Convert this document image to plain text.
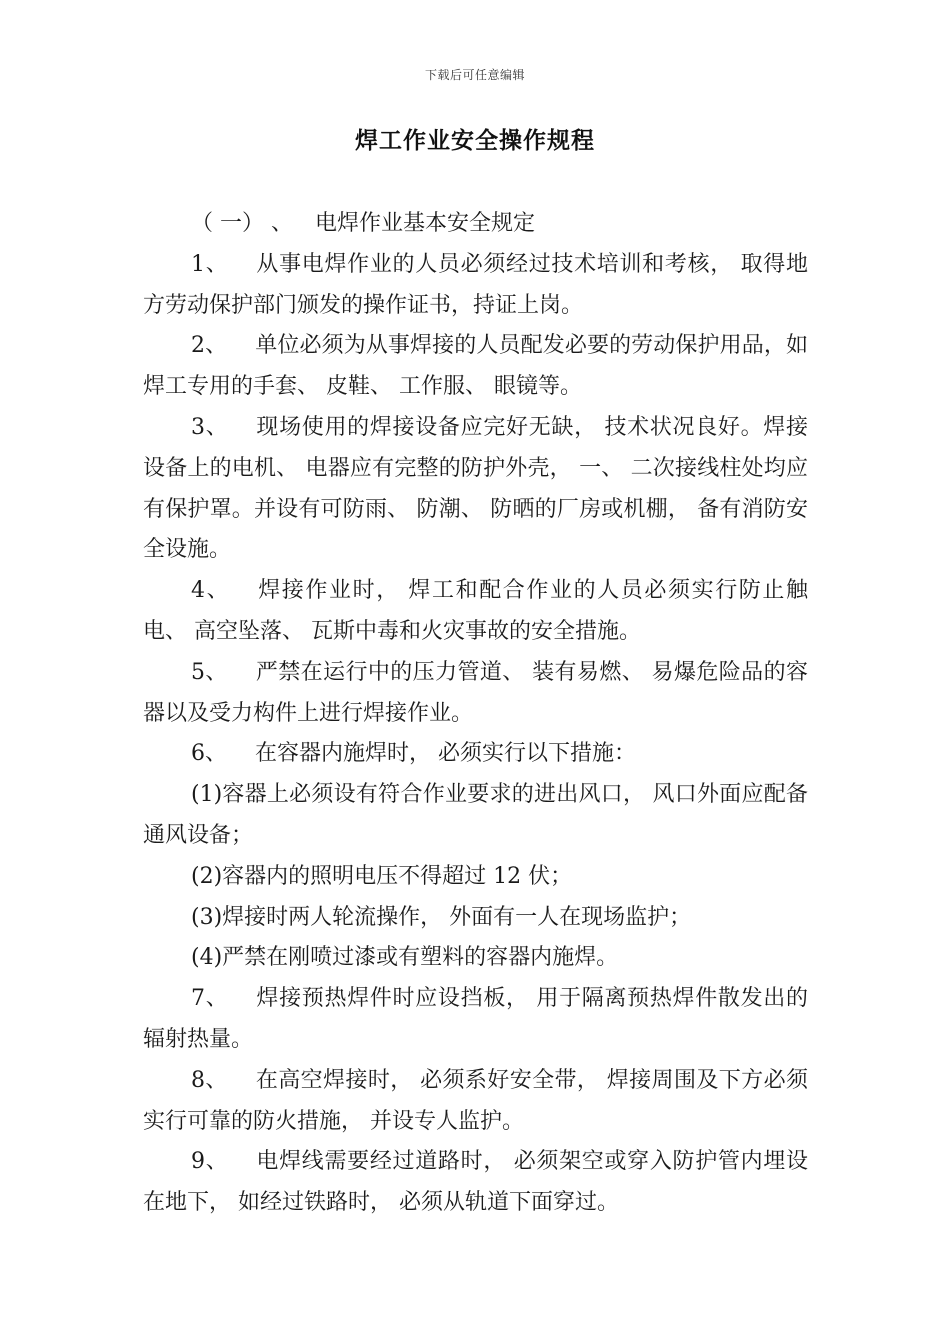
下载后可任意编辑
焊工作业安全操作规程

（ 一） 、 电焊作业基本安全规定

1、 从事电焊作业的人员必须经过技术培训和考核， 取得地方劳动保护部门颁发的操作证书，持证上岗。

2、 单位必须为从事焊接的人员配发必要的劳动保护用品，如焊工专用的手套、 皮鞋、 工作服、 眼镜等。

3、 现场使用的焊接设备应完好无缺， 技术状况良好。焊接设备上的电机、 电器应有完整的防护外壳， 一、 二次接线柱处均应有保护罩。并设有可防雨、 防潮、 防晒的厂房或机棚， 备有消防安全设施。

4、 焊接作业时， 焊工和配合作业的人员必须实行防止触电、 高空坠落、 瓦斯中毒和火灾事故的安全措施。

5、 严禁在运行中的压力管道、 装有易燃、 易爆危险品的容器以及受力构件上进行焊接作业。

6、 在容器内施焊时， 必须实行以下措施：

(1)容器上必须设有符合作业要求的进出风口， 风口外面应配备通风设备；

(2)容器内的照明电压不得超过 12 伏；

(3)焊接时两人轮流操作， 外面有一人在现场监护；

(4)严禁在刚喷过漆或有塑料的容器内施焊。

7、 焊接预热焊件时应设挡板， 用于隔离预热焊件散发出的辐射热量。

8、 在高空焊接时， 必须系好安全带， 焊接周围及下方必须实行可靠的防火措施， 并设专人监护。

9、 电焊线需要经过道路时， 必须架空或穿入防护管内埋设在地下， 如经过铁路时， 必须从轨道下面穿过。
